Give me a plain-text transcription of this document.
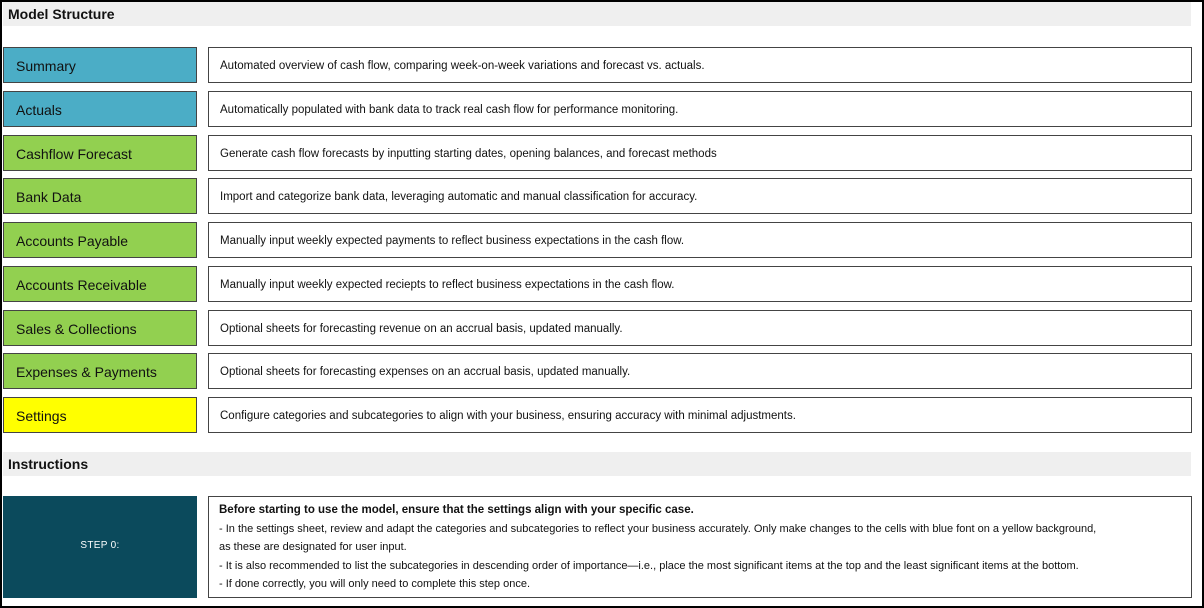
Model Structure
Summary	Automated overview of cash flow, comparing week-on-week variations and forecast vs. actuals.
Actuals	Automatically populated with bank data to track real cash flow for performance monitoring.
Cashflow Forecast	Generate cash flow forecasts by inputting starting dates, opening balances, and forecast methods
Bank Data	Import and categorize bank data, leveraging automatic and manual classification for accuracy.
Accounts Payable	Manually input weekly expected payments to reflect business expectations in the cash flow.
Accounts Receivable	Manually input weekly expected reciepts to reflect business expectations in the cash flow.
Sales & Collections	Optional sheets for forecasting revenue on an accrual basis, updated manually.
Expenses & Payments	Optional sheets for forecasting expenses on an accrual basis, updated manually.
Settings	Configure categories and subcategories to align with your business, ensuring accuracy with minimal adjustments.
Instructions
STEP 0:
Before starting to use the model, ensure that the settings align with your specific case.
- In the settings sheet, review and adapt the categories and subcategories to reflect your business accurately. Only make changes to the cells with blue font on a yellow background,
as these are designated for user input.
- It is also recommended to list the subcategories in descending order of importance—i.e., place the most significant items at the top and the least significant items at the bottom.
- If done correctly, you will only need to complete this step once.
